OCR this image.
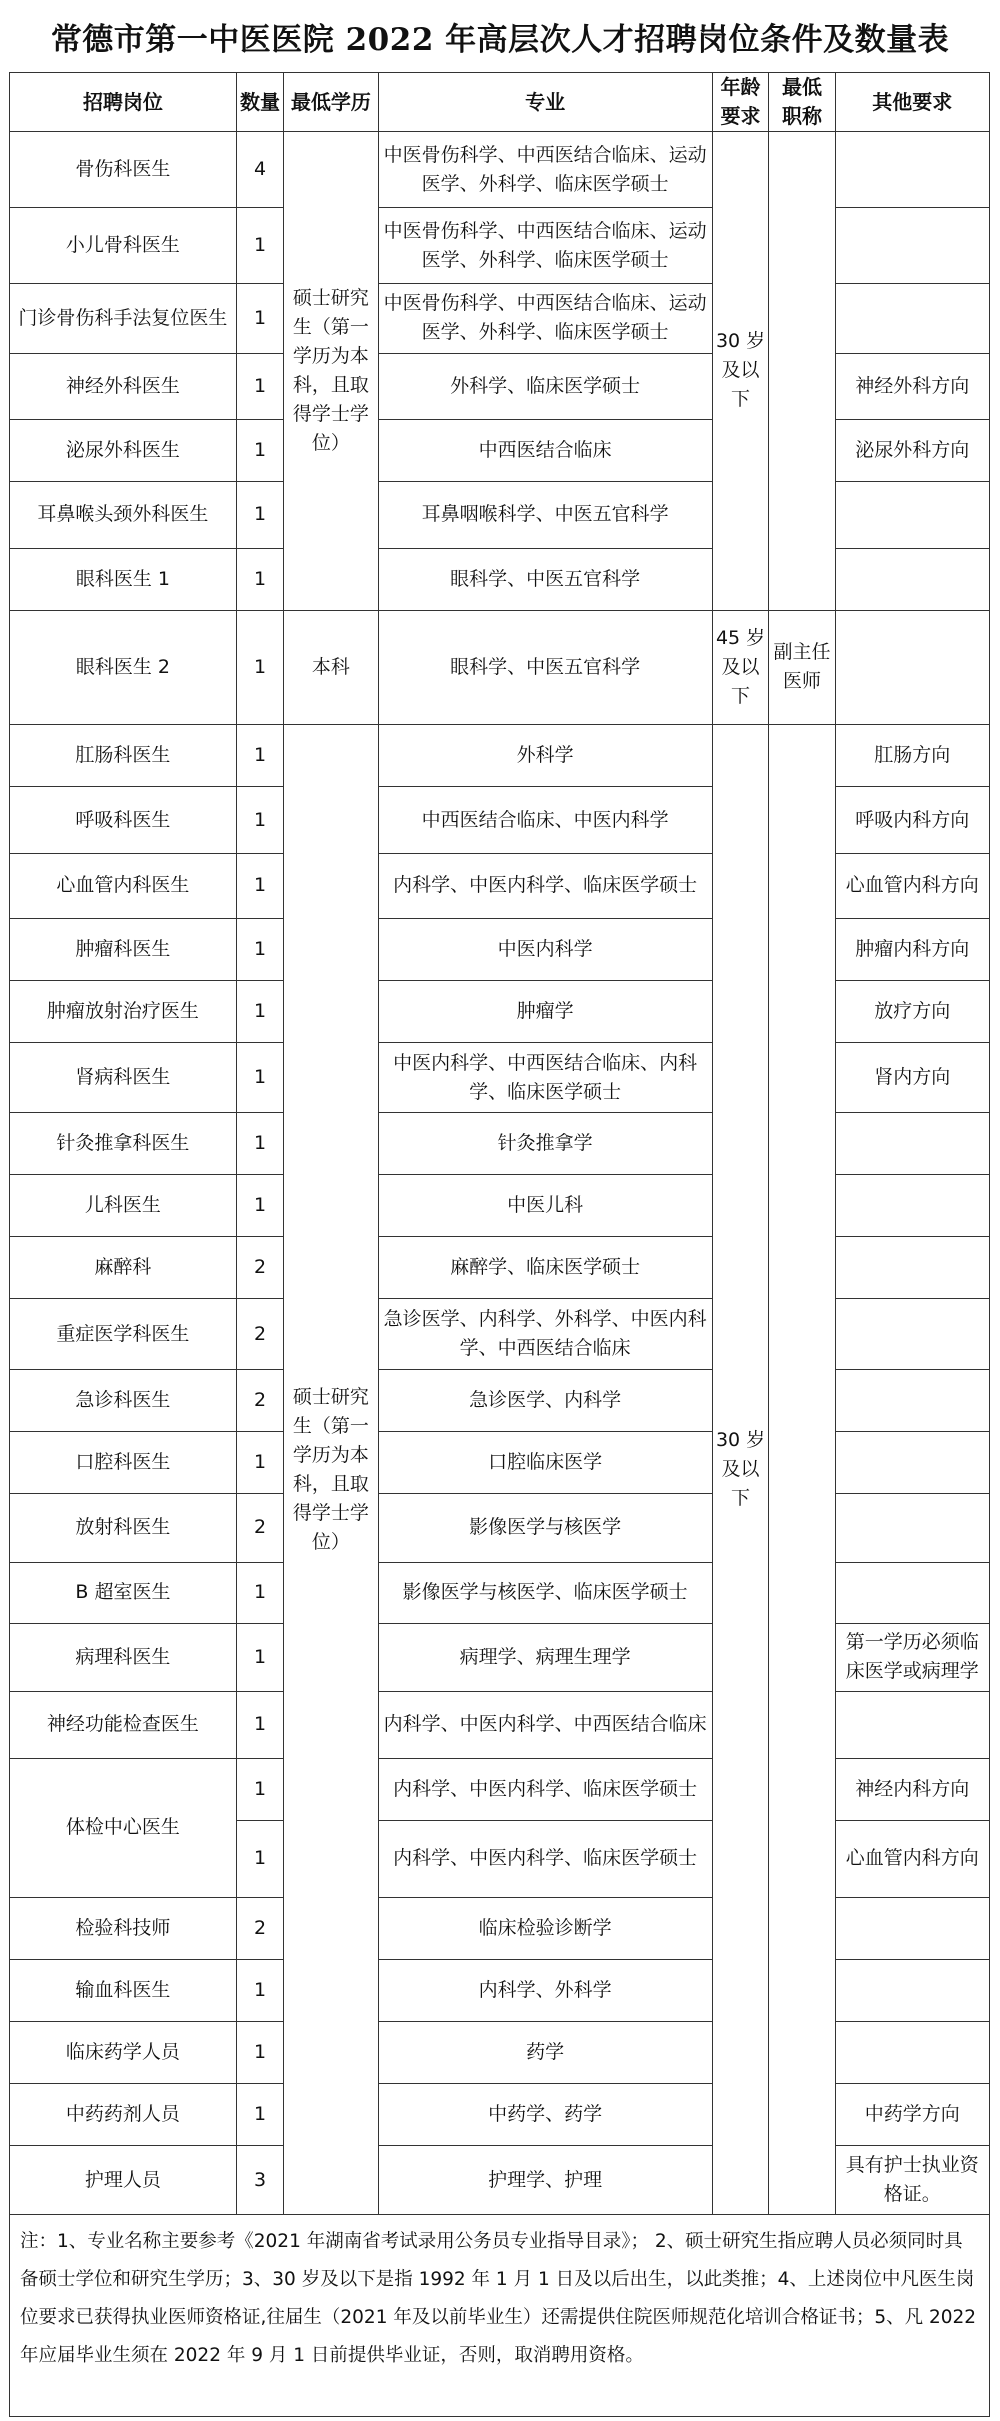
常德市第一中医医院 2022 年高层次人才招聘岗位条件及数量表
招聘岗位	数量	最低学历	专业	年龄要求	最低职称	其他要求
骨伤科医生	4	硕士研究生（第一学历为本科，且取得学士学位）	中医骨伤科学、中西医结合临床、运动医学、外科学、临床医学硕士	30 岁及以下		
小儿骨科医生	1		中医骨伤科学、中西医结合临床、运动医学、外科学、临床医学硕士			
门诊骨伤科手法复位医生	1		中医骨伤科学、中西医结合临床、运动医学、外科学、临床医学硕士			
神经外科医生	1		外科学、临床医学硕士			神经外科方向
泌尿外科医生	1		中西医结合临床			泌尿外科方向
耳鼻喉头颈外科医生	1		耳鼻咽喉科学、中医五官科学			
眼科医生 1	1		眼科学、中医五官科学			
眼科医生 2	1	本科	眼科学、中医五官科学	45 岁及以下	副主任医师	
肛肠科医生	1	硕士研究生（第一学历为本科，且取得学士学位）	外科学	30 岁及以下		肛肠方向
呼吸科医生	1		中西医结合临床、中医内科学			呼吸内科方向
心血管内科医生	1		内科学、中医内科学、临床医学硕士			心血管内科方向
肿瘤科医生	1		中医内科学			肿瘤内科方向
肿瘤放射治疗医生	1		肿瘤学			放疗方向
肾病科医生	1		中医内科学、中西医结合临床、内科学、临床医学硕士			肾内方向
针灸推拿科医生	1		针灸推拿学			
儿科医生	1		中医儿科			
麻醉科	2		麻醉学、临床医学硕士			
重症医学科医生	2		急诊医学、内科学、外科学、中医内科学、中西医结合临床			
急诊科医生	2		急诊医学、内科学			
口腔科医生	1		口腔临床医学			
放射科医生	2		影像医学与核医学			
B 超室医生	1		影像医学与核医学、临床医学硕士			
病理科医生	1		病理学、病理生理学			第一学历必须临床医学或病理学
神经功能检查医生	1		内科学、中医内科学、中西医结合临床			
体检中心医生	1		内科学、中医内科学、临床医学硕士			神经内科方向
	1		内科学、中医内科学、临床医学硕士			心血管内科方向
检验科技师	2		临床检验诊断学			
输血科医生	1		内科学、外科学			
临床药学人员	1		药学			
中药药剂人员	1		中药学、药学			中药学方向
护理人员	3		护理学、护理			具有护士执业资格证。
注：1、专业名称主要参考《2021 年湖南省考试录用公务员专业指导目录》； 2、硕士研究生指应聘人员必须同时具备硕士学位和研究生学历；3、30 岁及以下是指 1992 年 1 月 1 日及以后出生，以此类推；4、上述岗位中凡医生岗位要求已获得执业医师资格证,往届生（2021 年及以前毕业生）还需提供住院医师规范化培训合格证书；5、凡 2022 年应届毕业生须在 2022 年 9 月 1 日前提供毕业证，否则，取消聘用资格。
